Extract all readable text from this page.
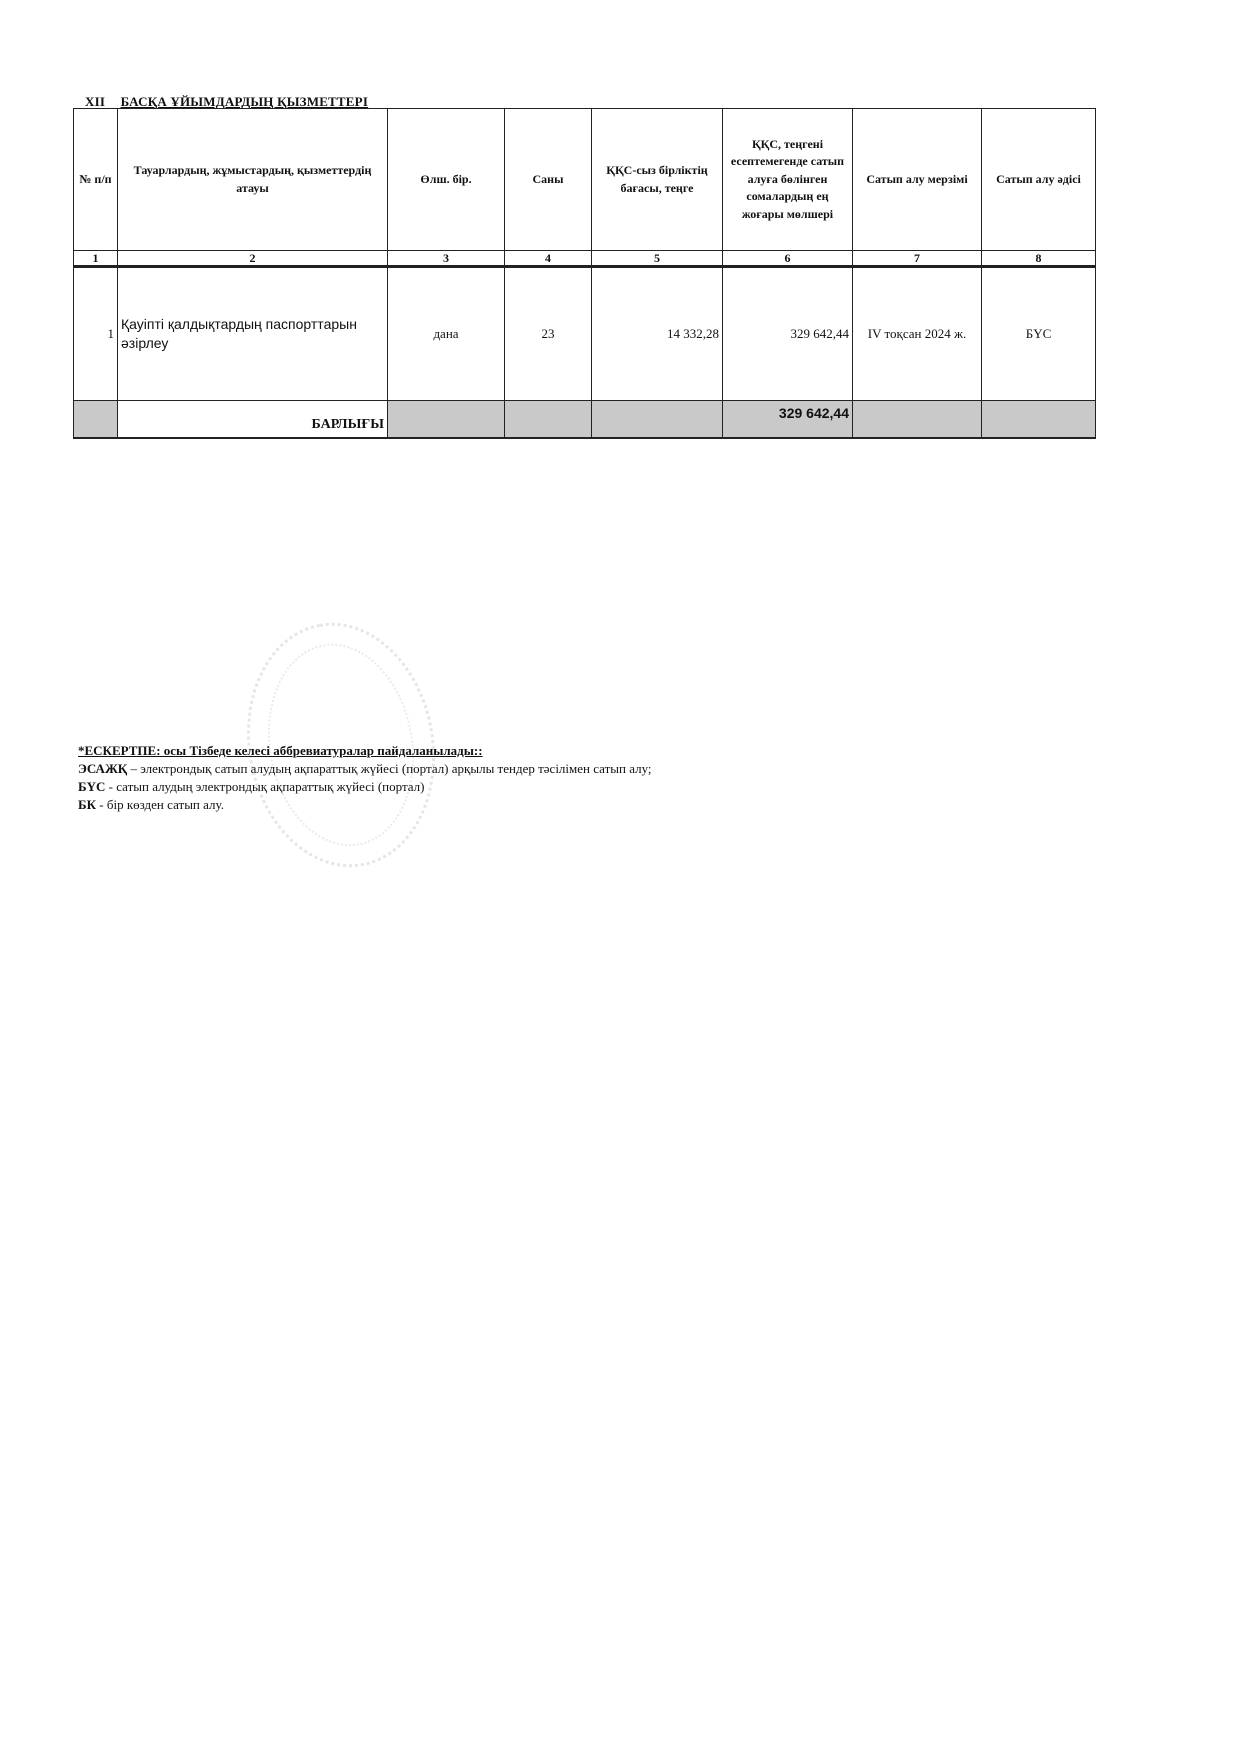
XII БАСҚА ҰЙЫМДАРДЫҢ ҚЫЗМЕТТЕРІ
№ п/п	Тауарлардың, жұмыстардың, қызметтердің атауы	Өлш. бір.	Саны	ҚҚС-сыз бірліктің бағасы, теңге	ҚҚС, теңгені есептемегенде сатып алуға бөлінген сомалардың ең жоғары мөлшері	Сатып алу мерзімі	Сатып алу әдісі
1	2	3	4	5	6	7	8
1	Қауіпті қалдықтардың паспорттарын әзірлеу	дана	23	14 332,28	329 642,44	IV тоқсан 2024 ж.	БҮС
	БАРЛЫҒЫ				329 642,44		
*ЕСКЕРТПЕ: осы Тізбеде келесі аббревиатуралар пайдаланылады::
ЭСАЖҚ – электрондық сатып алудың ақпараттық жүйесі (портал) арқылы тендер тәсілімен сатып алу;
БҮС - сатып алудың электрондық ақпараттық жүйесі (портал)
БК - бір көзден сатып алу.
